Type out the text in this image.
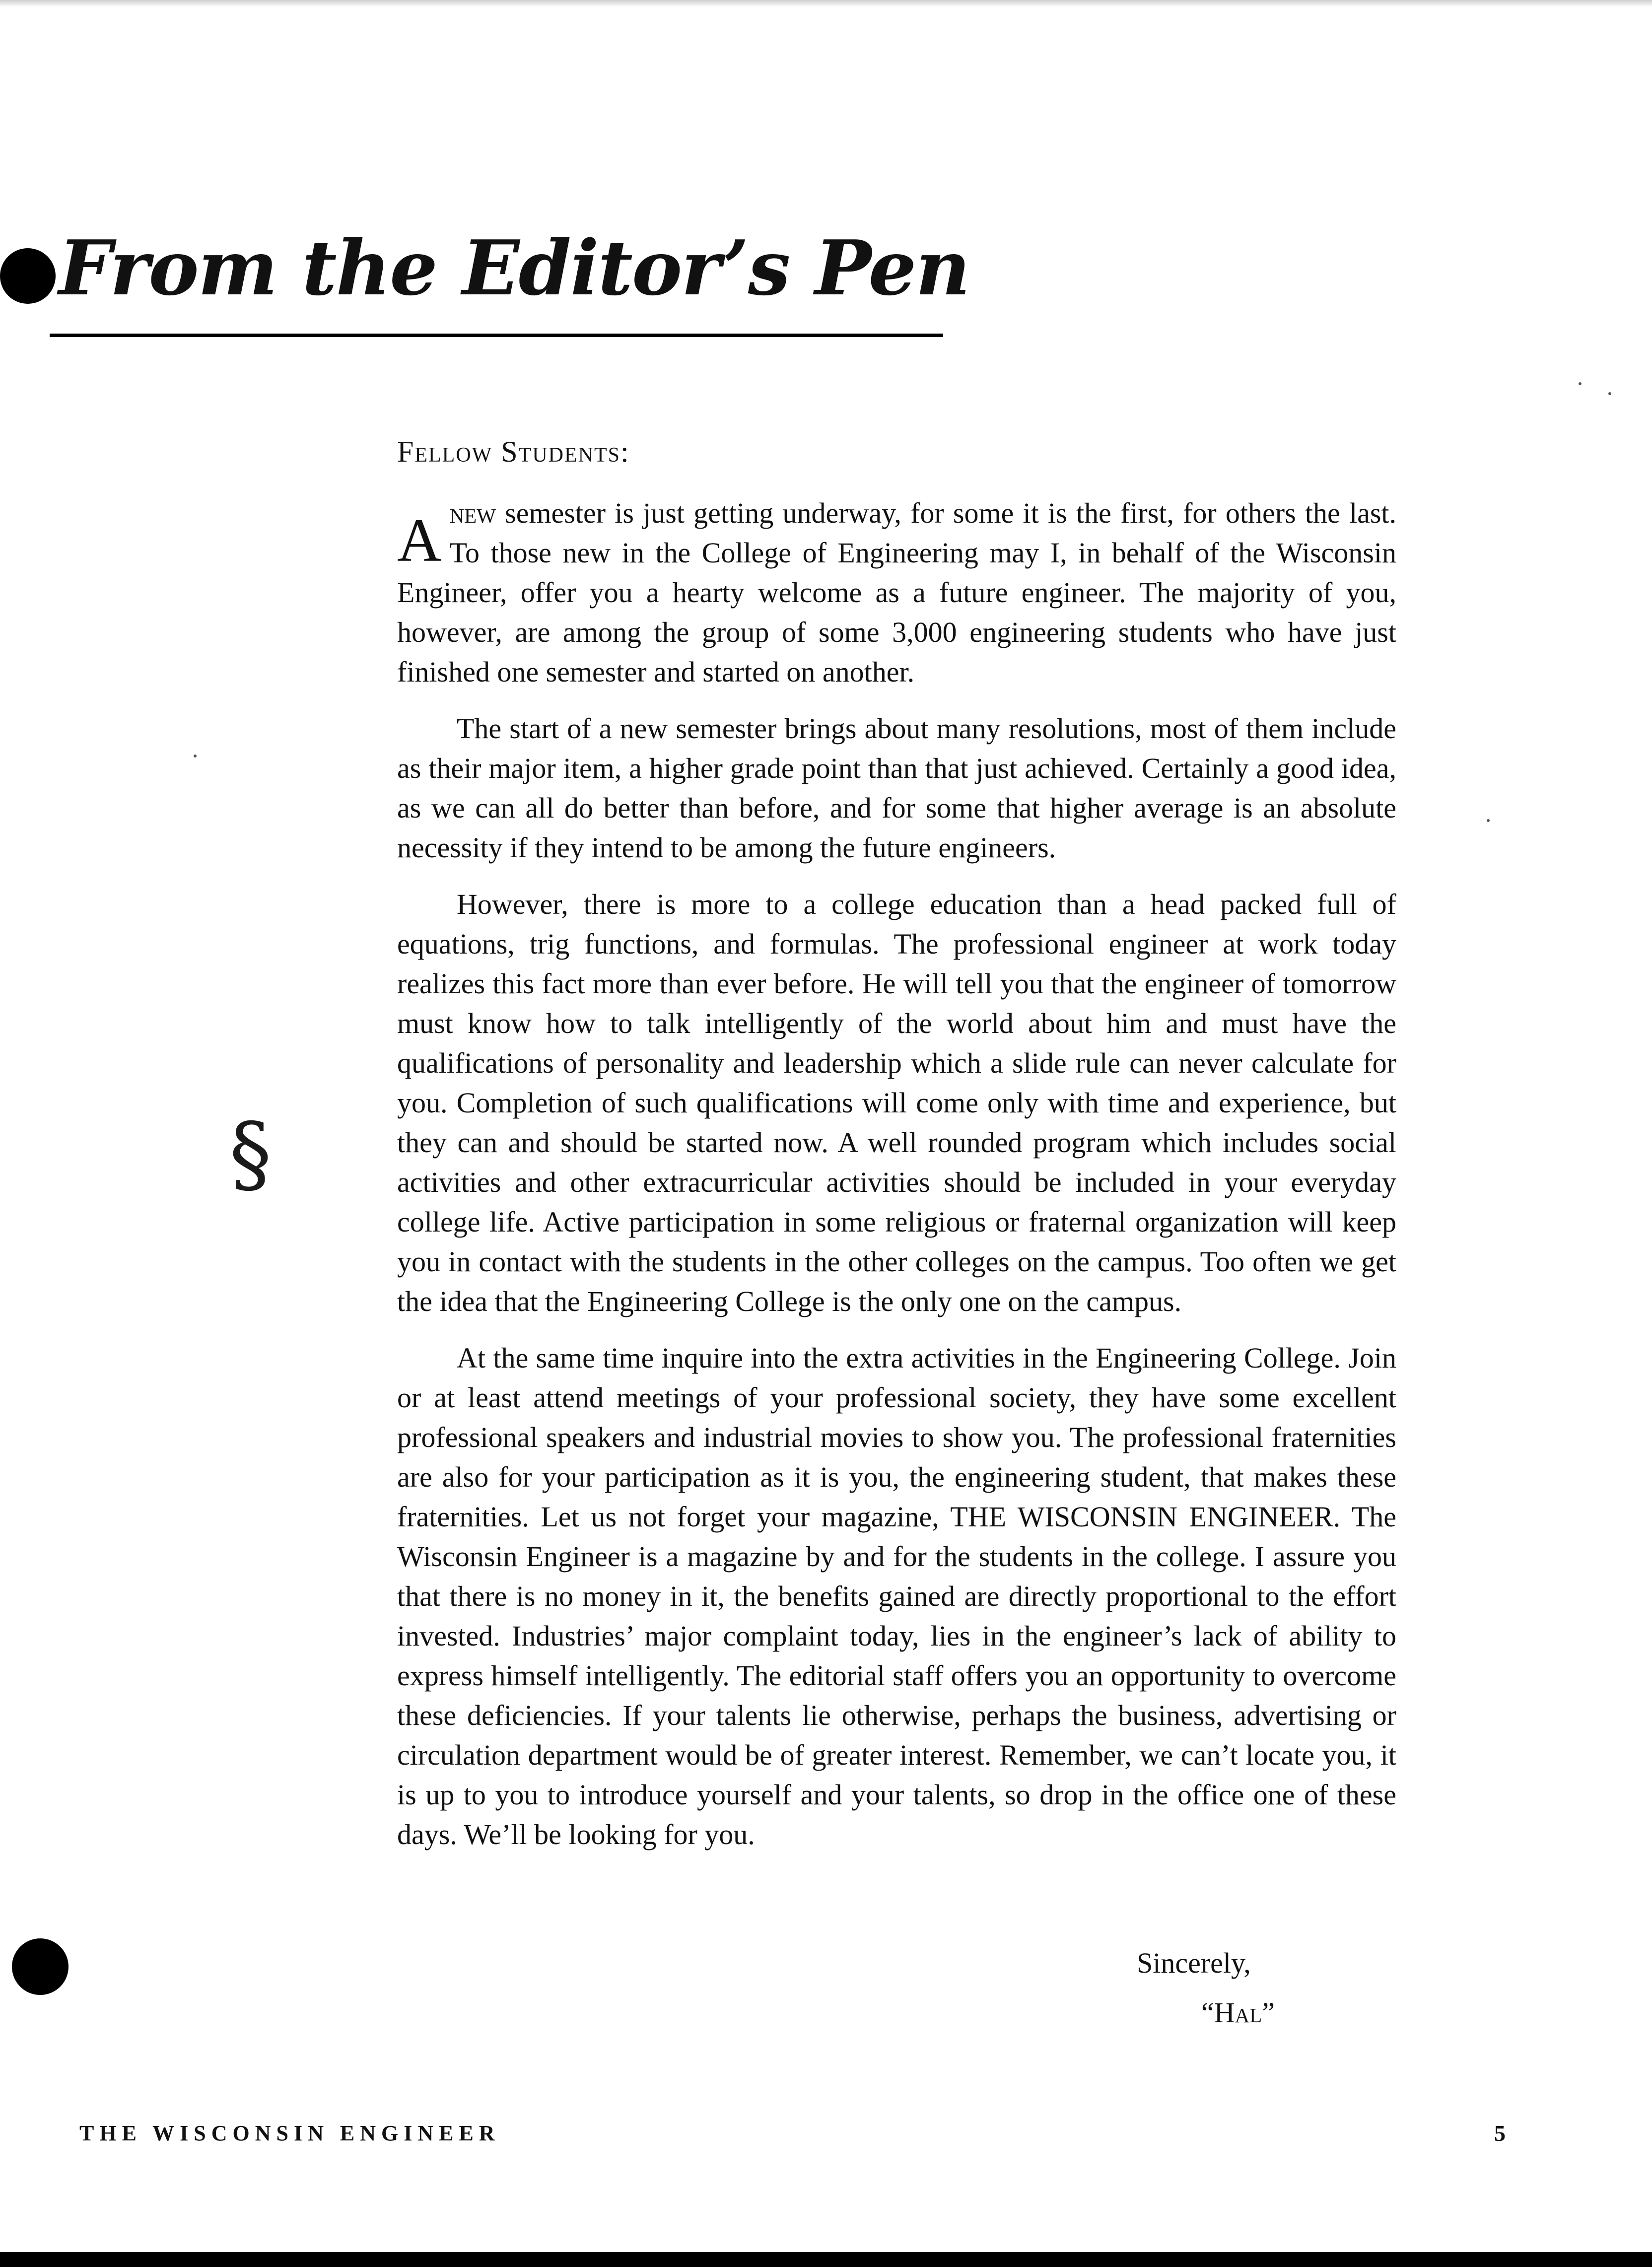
From the Editor’s Pen

Fellow Students:

Anew semester is just getting underway, for some it is the first, for others the last. To those new in the College of Engineering may I, in behalf of the Wisconsin Engineer, offer you a hearty welcome as a future engineer. The majority of you, however, are among the group of some 3,000 engineering students who have just finished one semester and started on another.

The start of a new semester brings about many resolutions, most of them include as their major item, a higher grade point than that just achieved. Certainly a good idea, as we can all do better than before, and for some that higher average is an absolute necessity if they intend to be among the future engineers.

However, there is more to a college education than a head packed full of equations, trig functions, and formulas. The professional engineer at work today realizes this fact more than ever before. He will tell you that the engineer of tomorrow must know how to talk intelligently of the world about him and must have the qualifications of personality and leadership which a slide rule can never calculate for you. Completion of such qualifications will come only with time and experience, but they can and should be started now. A well rounded program which includes social activities and other extracurricular activities should be included in your everyday college life. Active participation in some religious or fraternal organization will keep you in contact with the students in the other colleges on the campus. Too often we get the idea that the Engineering College is the only one on the campus.

At the same time inquire into the extra activities in the Engineering College. Join or at least attend meetings of your professional society, they have some excellent professional speakers and industrial movies to show you. The professional fraternities are also for your participation as it is you, the engineering student, that makes these fraternities. Let us not forget your magazine, THE WISCONSIN ENGINEER. The Wisconsin Engineer is a magazine by and for the students in the college. I assure you that there is no money in it, the benefits gained are directly proportional to the effort invested. Industries’ major complaint today, lies in the engineer’s lack of ability to express himself intelligently. The editorial staff offers you an opportunity to overcome these deficiencies. If your talents lie otherwise, perhaps the business, advertising or circulation department would be of greater interest. Remember, we can’t locate you, it is up to you to introduce yourself and your talents, so drop in the office one of these days. We’ll be looking for you.

Sincerely,
“Hal”
§
THE WISCONSIN ENGINEER	5
